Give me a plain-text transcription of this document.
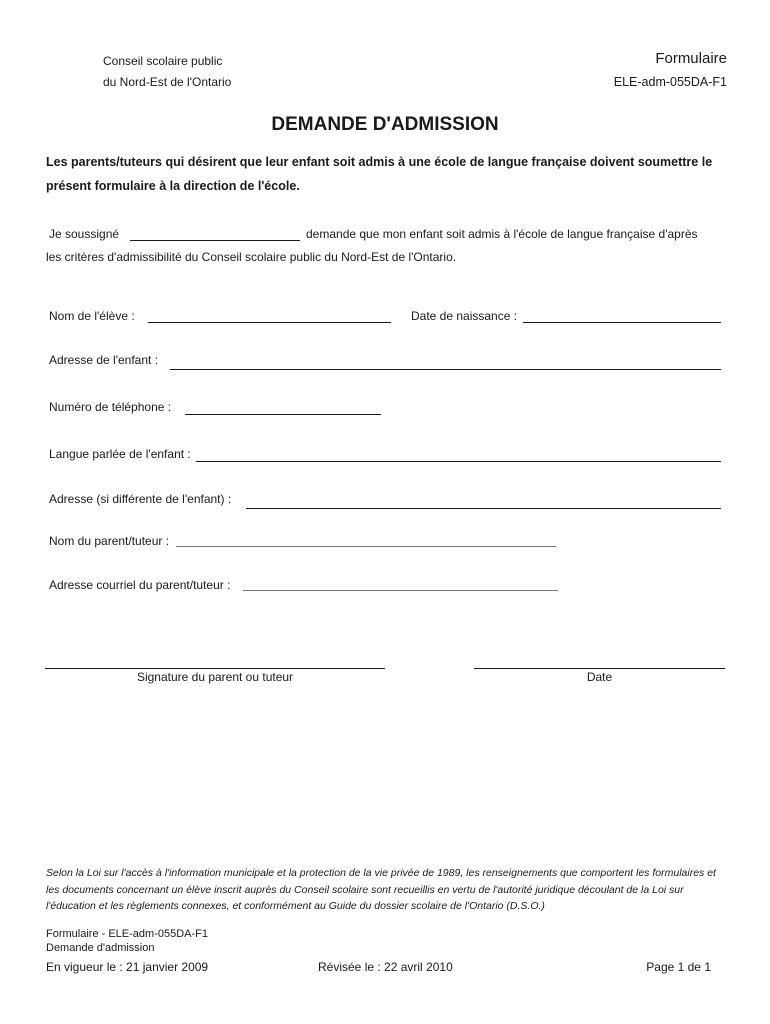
Conseil scolaire public
du Nord-Est de l'Ontario
Formulaire
ELE-adm-055DA-F1
DEMANDE D'ADMISSION
Les parents/tuteurs qui désirent que leur enfant soit admis à une école de langue française doivent soumettre le présent formulaire à la direction de l'école.
Je soussigné	demande que mon enfant soit admis à l'école de langue française d'après
les critères d'admissibilité du Conseil scolaire public du Nord-Est de l'Ontario.
Nom de l'élève :	Date de naissance :
Adresse de l'enfant :
Numéro de téléphone :
Langue parlée de l'enfant :
Adresse (si différente de l'enfant) :
Nom du parent/tuteur :
Adresse courriel du parent/tuteur :
Signature du parent ou tuteur	Date
Selon la Loi sur l'accès à l'information municipale et la protection de la vie privée de 1989, les renseignements que comportent les formulaires et les documents concernant un élève inscrit auprès du Conseil scolaire sont recueillis en vertu de l'autorité juridique découlant de la Loi sur l'éducation et les règlements connexes, et conformément au Guide du dossier scolaire de l'Ontario (D.S.O.)
Formulaire - ELE-adm-055DA-F1
Demande d'admission
En vigueur le : 21 janvier 2009	Révisée le : 22 avril 2010	Page 1 de 1
